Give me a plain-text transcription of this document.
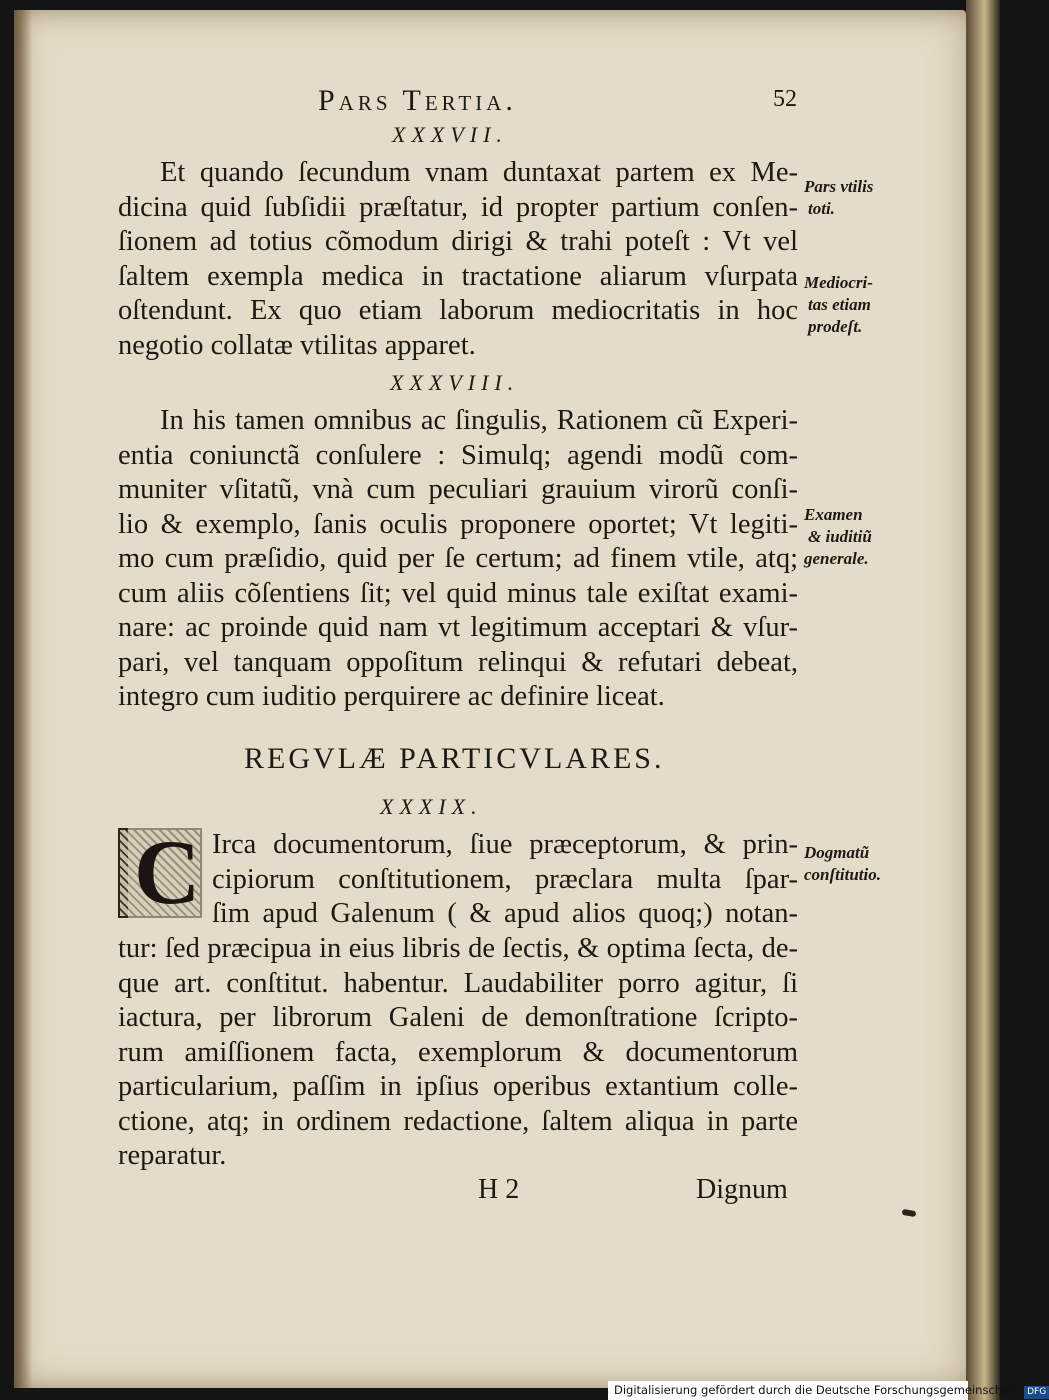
Pars Tertia.	52
XXXVII.
Et quando ſecundum vnam duntaxat partem ex Me-
dicina quid ſubſidii præſtatur, id propter partium conſen-
ſionem ad totius cõmodum dirigi & trahi poteſt : Vt vel
ſaltem exempla medica in tractatione aliarum vſurpata
oſtendunt. Ex quo etiam laborum mediocritatis in hoc
negotio collatæ vtilitas apparet.
XXXVIII.
In his tamen omnibus ac ſingulis, Rationem cũ Experi-
entia coniunctã conſulere : Simulq; agendi modũ com-
muniter vſitatũ, vnà cum peculiari grauium virorũ conſi-
lio & exemplo, ſanis oculis proponere oportet; Vt legiti-
mo cum præſidio, quid per ſe certum; ad finem vtile, atq;
cum aliis cõſentiens ſit; vel quid minus tale exiſtat exami-
nare: ac proinde quid nam vt legitimum acceptari & vſur-
pari, vel tanquam oppoſitum relinqui & refutari debeat,
integro cum iuditio perquirere ac definire liceat.
REGVLÆ PARTICVLARES.
XXXIX.
C Irca documentorum, ſiue præceptorum, & prin-
cipiorum conſtitutionem, præclara multa ſpar-
ſim apud Galenum ( & apud alios quoq;) notan-
tur: ſed præcipua in eius libris de ſectis, & optima ſecta, de-
que art. conſtitut. habentur. Laudabiliter porro agitur, ſi
iactura, per librorum Galeni de demonſtratione ſcripto-
rum amiſſionem facta, exemplorum & documentorum
particularium, paſſim in ipſius operibus extantium colle-
ctione, atq; in ordinem redactione, ſaltem aliqua in parte
reparatur.
Pars vtilis
toti.
Mediocri-
tas etiam
prodeſt.
Examen
& iuditiũ
generale.
Dogmatũ
conſtitutio.
H 2	Dignum
Digitalisierung gefördert durch die Deutsche Forschungsgemeinschaft DFG
